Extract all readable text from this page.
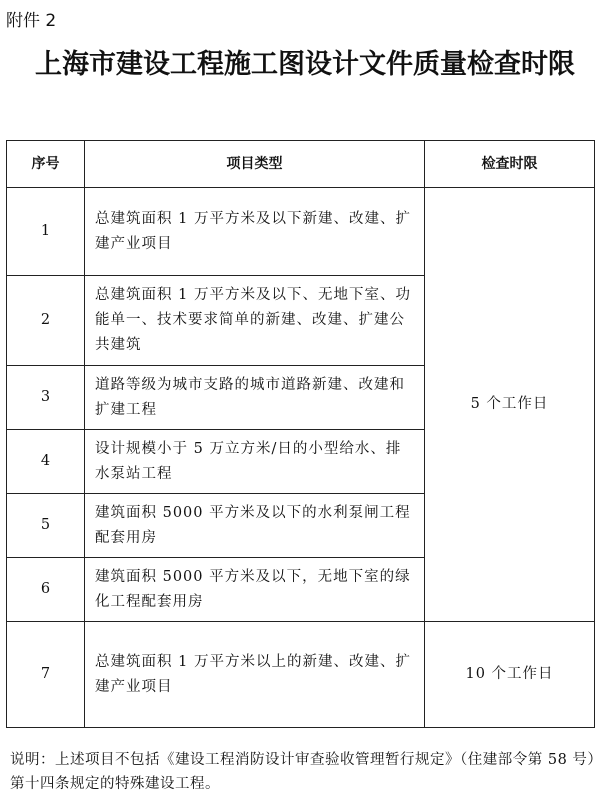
附件 2
上海市建设工程施工图设计文件质量检查时限
序号	项目类型	检查时限
1	总建筑面积 1 万平方米及以下新建、改建、扩建产业项目	5 个工作日
2	总建筑面积 1 万平方米及以下、无地下室、功能单一、技术要求简单的新建、改建、扩建公共建筑	
3	道路等级为城市支路的城市道路新建、改建和扩建工程	
4	设计规模小于 5 万立方米/日的小型给水、排水泵站工程	
5	建筑面积 5000 平方米及以下的水利泵闸工程配套用房	
6	建筑面积 5000 平方米及以下，无地下室的绿化工程配套用房	
7	总建筑面积 1 万平方米以上的新建、改建、扩建产业项目	10 个工作日
说明：上述项目不包括《建设工程消防设计审查验收管理暂行规定》（住建部令第 58 号）第十四条规定的特殊建设工程。
